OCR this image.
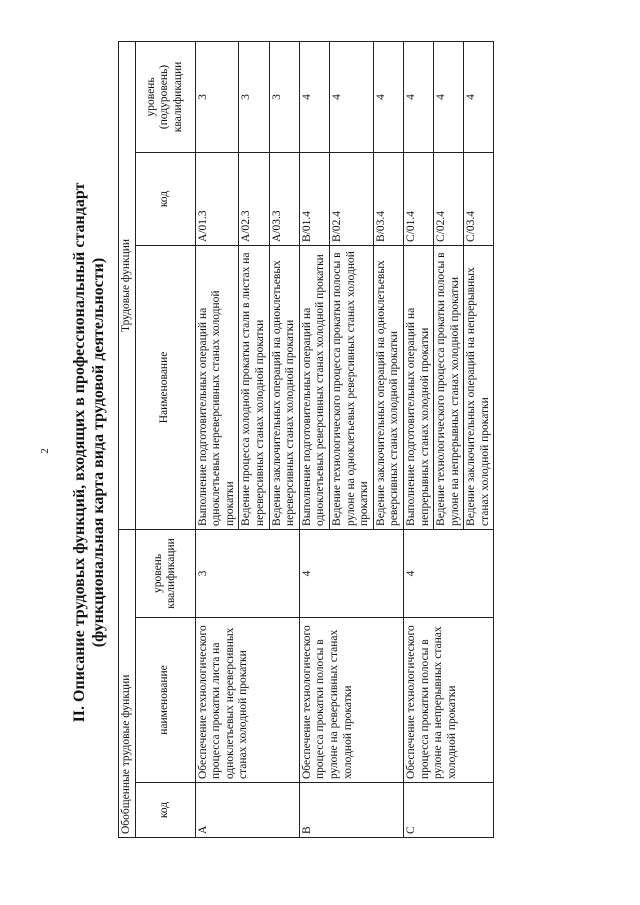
2 II. Описание трудовых функций, входящих в профессиональный стандарт (функциональная карта вида трудовой деятельности)
Обобщенные трудовые функции			Трудовые функции		
код	наименование	уровень квалификации	Наименование	код	уровень (подуровень) квалификации
A	Обеспечение технологического процесса прокатки листа на одноклетьевых нереверсивных станах холодной прокатки	3	Выполнение подготовительных операций на одноклетьевых нереверсивных станах холодной прокатки	A/01.3	3
			Ведение процесса холодной прокатки стали в листах на нереверсивных станах холодной прокатки	A/02.3	3
			Ведение заключительных операций на одноклетьевых нереверсивных станах холодной прокатки	A/03.3	3
B	Обеспечение технологического процесса прокатки полосы в рулоне на реверсивных станах холодной прокатки	4	Выполнение подготовительных операций на одноклетьевых реверсивных станах холодной прокатки	B/01.4	4
			Ведение технологического процесса прокатки полосы в рулоне на одноклетьевых реверсивных станах холодной прокатки	B/02.4	4
			Ведение заключительных операций на одноклетьевых реверсивных станах холодной прокатки	B/03.4	4
C	Обеспечение технологического процесса прокатки полосы в рулоне на непрерывных станах холодной прокатки	4	Выполнение подготовительных операций на непрерывных станах холодной прокатки	C/01.4	4
			Ведение технологического процесса прокатки полосы в рулоне на непрерывных станах холодной прокатки	C/02.4	4
			Ведение заключительных операций на непрерывных станах холодной прокатки	C/03.4	4
